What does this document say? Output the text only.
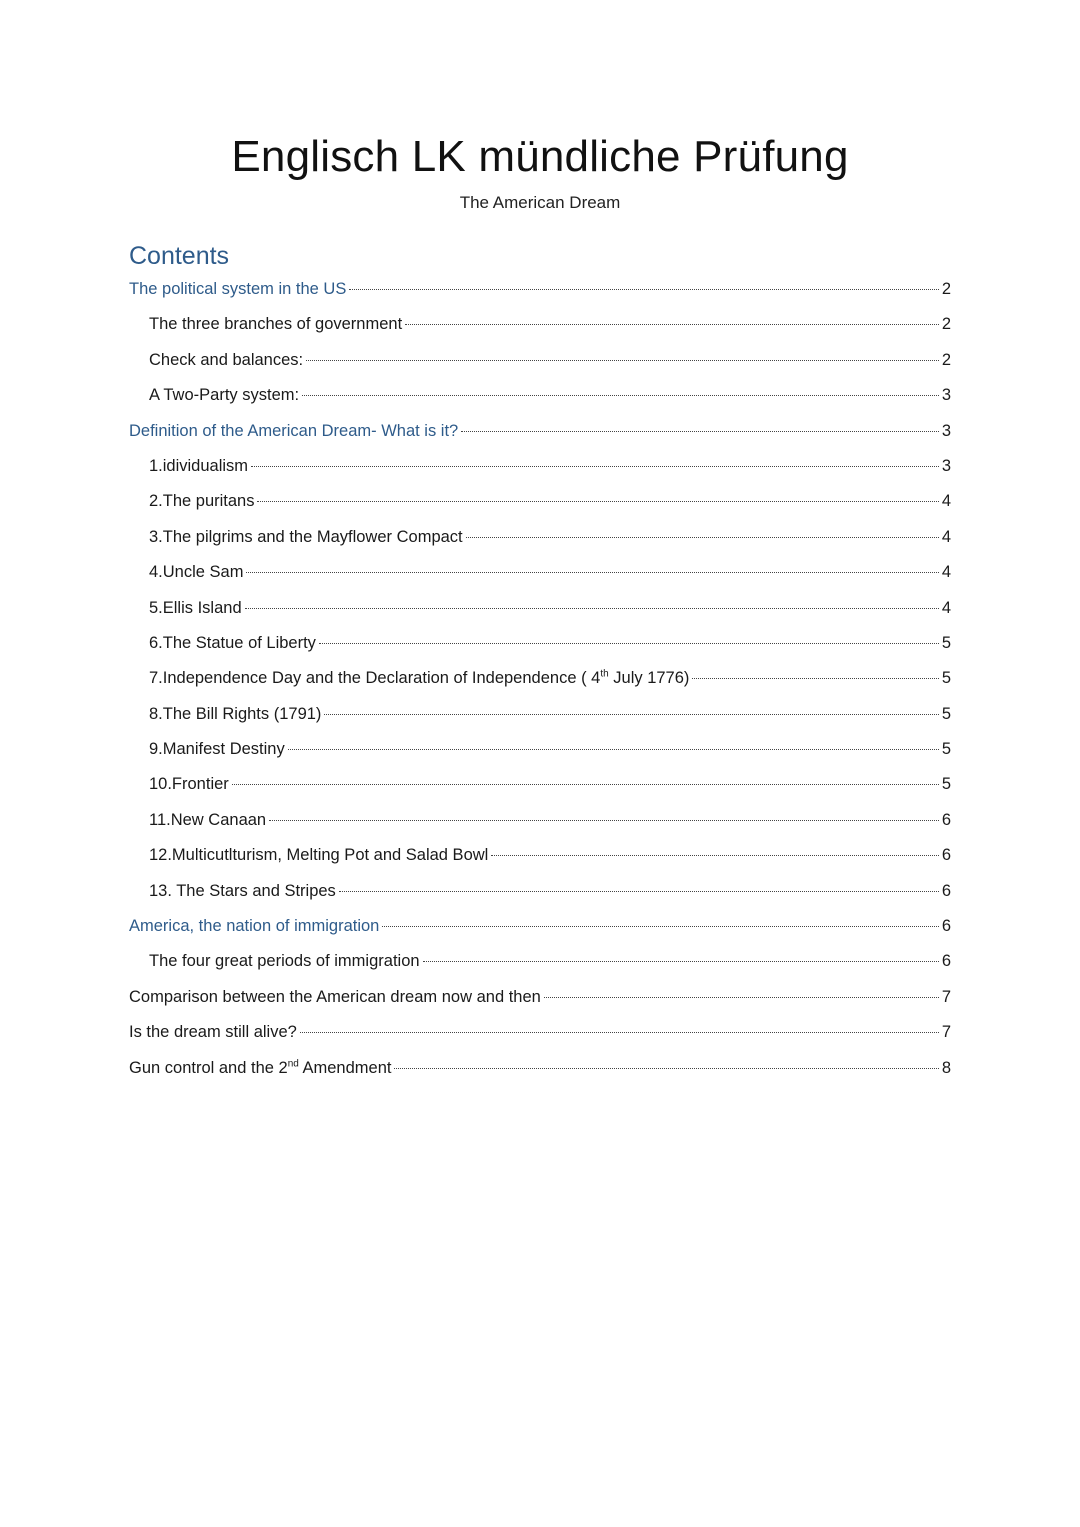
Englisch LK mündliche Prüfung
The American Dream
Contents
The political system in the US	2
The three branches of government	2
Check and balances:	2
A Two-Party system:	3
Definition of the American Dream- What is it?	3
1.idividualism	3
2.The puritans	4
3.The pilgrims and the Mayflower Compact	4
4.Uncle Sam	4
5.Ellis Island	4
6.The Statue of Liberty	5
7.Independence Day and the Declaration of Independence ( 4th July 1776)	5
8.The Bill Rights (1791)	5
9.Manifest Destiny	5
10.Frontier	5
11.New Canaan	6
12.Multicutlturism, Melting Pot and Salad Bowl	6
13. The Stars and Stripes	6
America, the nation of immigration	6
The four great periods of immigration	6
Comparison between the American dream now and then	7
Is the dream still alive?	7
Gun control and the 2nd Amendment	8
